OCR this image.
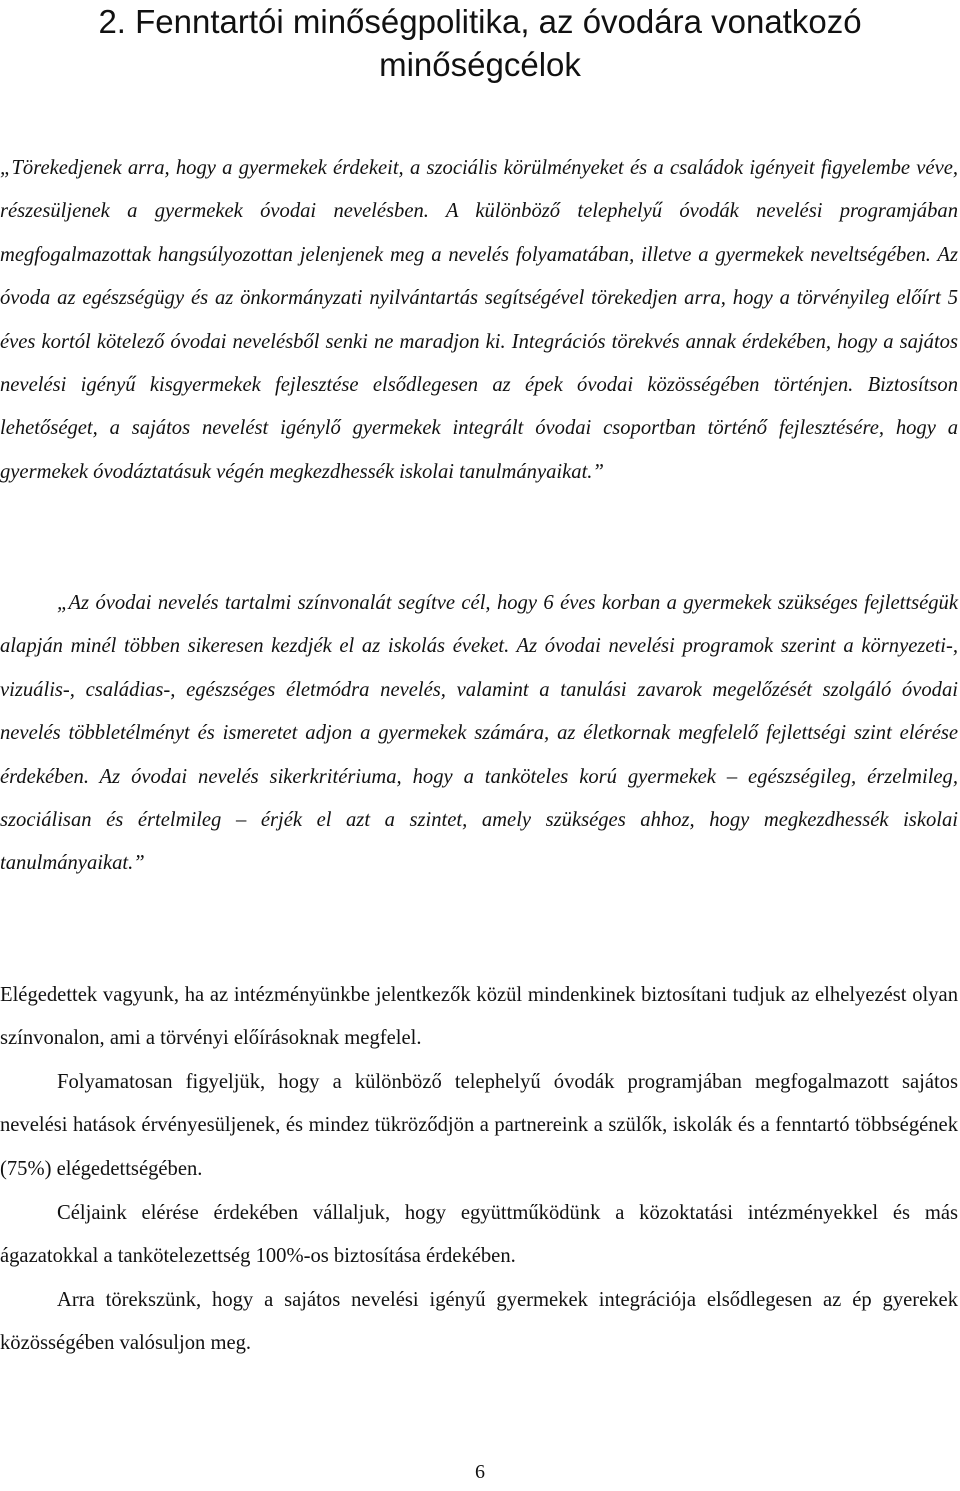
2. Fenntartói minőségpolitika, az óvodára vonatkozó
minőségcélok

„Törekedjenek arra, hogy a gyermekek érdekeit, a szociális körülményeket és a családok igényeit figyelembe véve, részesüljenek a gyermekek óvodai nevelésben. A különböző telephelyű óvodák nevelési programjában megfogalmazottak hangsúlyozottan jelenjenek meg a nevelés folyamatában, illetve a gyermekek neveltségében. Az óvoda az egészségügy és az önkormányzati nyilvántartás segítségével törekedjen arra, hogy a törvényileg előírt 5 éves kortól kötelező óvodai nevelésből senki ne maradjon ki. Integrációs törekvés annak érdekében, hogy a sajátos nevelési igényű kisgyermekek fejlesztése elsődlegesen az épek óvodai közösségében történjen. Biztosítson lehetőséget, a sajátos nevelést igénylő gyermekek integrált óvodai csoportban történő fejlesztésére, hogy a gyermekek óvodáztatásuk végén megkezdhessék iskolai tanulmányaikat.”

„Az óvodai nevelés tartalmi színvonalát segítve cél, hogy 6 éves korban a gyermekek szükséges fejlettségük alapján minél többen sikeresen kezdjék el az iskolás éveket. Az óvodai nevelési programok szerint a környezeti-, vizuális-, családias-, egészséges életmódra nevelés, valamint a tanulási zavarok megelőzését szolgáló óvodai nevelés többletélményt és ismeretet adjon a gyermekek számára, az életkornak megfelelő fejlettségi szint elérése érdekében. Az óvodai nevelés sikerkritériuma, hogy a tanköteles korú gyermekek – egészségileg, érzelmileg, szociálisan és értelmileg – érjék el azt a szintet, amely szükséges ahhoz, hogy megkezdhessék iskolai tanulmányaikat.”

Elégedettek vagyunk, ha az intézményünkbe jelentkezők közül mindenkinek biztosítani tudjuk az elhelyezést olyan színvonalon, ami a törvényi előírásoknak megfelel.

Folyamatosan figyeljük, hogy a különböző telephelyű óvodák programjában megfogalmazott sajátos nevelési hatások érvényesüljenek, és mindez tükröződjön a partnereink a szülők, iskolák és a fenntartó többségének (75%) elégedettségében.

Céljaink elérése érdekében vállaljuk, hogy együttműködünk a közoktatási intézményekkel és más ágazatokkal a tankötelezettség 100%-os biztosítása érdekében.

Arra törekszünk, hogy a sajátos nevelési igényű gyermekek integrációja elsődlegesen az ép gyerekek közösségében valósuljon meg.

6
